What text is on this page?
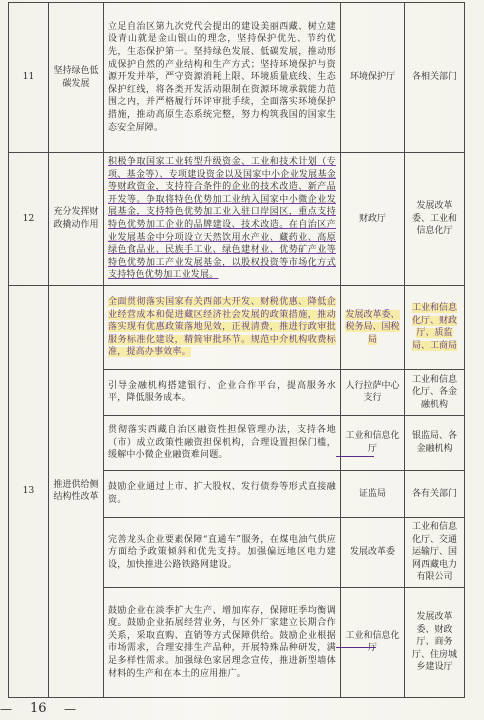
11	坚持绿色低碳发展	立足自治区第九次党代会提出的建设美丽西藏、树立建设青山就是金山银山的理念，坚持保护优先、节约优先，生态保护第一。坚持绿色发展、低碳发展，推动形成保护自然的产业结构和生产方式；坚持环境保护与资源开发并举，严守资源消耗上限、环境质量底线、生态保护红线，将各类开发活动限制在资源环境承载能力范围之内，并严格履行环评审批手续，全面落实环境保护措施，推动高原生态系统完整，努力构筑我国的国家生态安全屏障。	环境保护厅	各相关部门
12	充分发挥财政撬动作用	积极争取国家工业转型升级资金、工业和技术计划（专项、基金等）、专项建设资金以及国家中小企业发展基金等财政资金，支持符合条件的企业的技术改造、新产品开发等。争取将特色优势加工业纳入国家中小微企业发展基金，支持特色优势加工业入驻口岸园区，重点支持特色优势加工企业的品牌建设、技术改造。在自治区产业发展基金中分项设立天然饮用水产业、藏药业、高原绿色食品业、民族手工业、绿色建材业、优势矿产业等特色优势加工产业发展基金，以股权投资等市场化方式支持特色优势加工业发展。	财政厅	发展改革委、工业和信息化厅
13	推进供给侧结构性改革	全面贯彻落实国家有关西部大开发、财税优惠、降低企业经营成本和促进藏区经济社会发展的政策措施，推动落实现有优惠政策落地见效，正视清费，推进行政审批服务标准化建设，精简审批环节。规范中介机构收费标准，提高办事效率。	发展改革委、税务局、国税局	工业和信息化厅、财政厅、质监局、工商局
		引导金融机构搭建银行、企业合作平台，提高服务水平，降低服务成本。	人行拉萨中心支行	工业和信息化厅、各金融机构
		贯彻落实西藏自治区融资性担保管理办法，支持各地（市）成立政策性融资担保机构，合理设置担保门槛，缓解中小微企业融资难问题。	工业和信息化厅	银监局、各金融机构
		鼓励企业通过上市、扩大股权、发行债券等形式直接融资。	证监局	各有关部门
		完善龙头企业要素保障“直通车”服务，在煤电油气供应方面给予政策倾斜和优先支持。加强偏远地区电力建设，加快推进公路铁路网建设。	发展改革委	工业和信息化厅、交通运输厅、国网西藏电力有限公司
		鼓励企业在淡季扩大生产、增加库存，保障旺季均衡调度。鼓励企业拓展经营业务，与区外厂家建立长期合作关系，采取直购、直销等方式保障供给。鼓励企业根据市场需求，合理安排生产品种，开展特殊品种研发，满足多样性需求。加强绿色家居理念宣传，推进新型墙体材料的生产和在本土的应用推广。	工业和信息化厅	发展改革委、财政厅、商务厅、住房城乡建设厅
— 16 —
